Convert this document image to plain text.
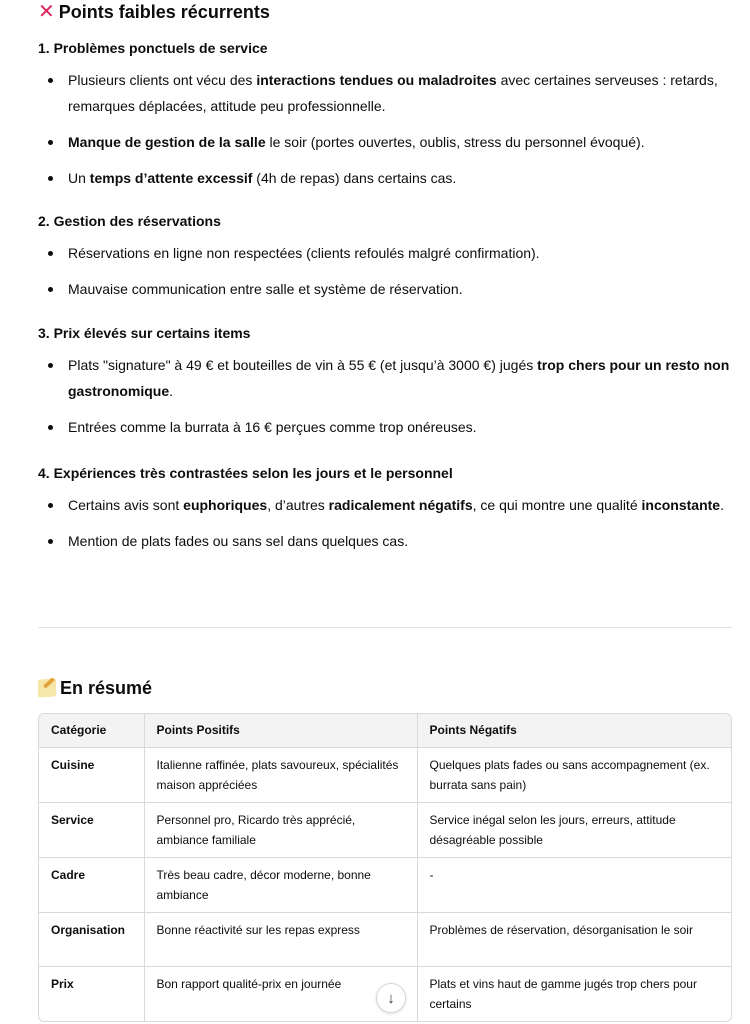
✕ Points faibles récurrents
1. Problèmes ponctuels de service
Plusieurs clients ont vécu des interactions tendues ou maladroites avec certaines serveuses : retards, remarques déplacées, attitude peu professionnelle.
Manque de gestion de la salle le soir (portes ouvertes, oublis, stress du personnel évoqué).
Un temps d’attente excessif (4h de repas) dans certains cas.
2. Gestion des réservations
Réservations en ligne non respectées (clients refoulés malgré confirmation).
Mauvaise communication entre salle et système de réservation.
3. Prix élevés sur certains items
Plats "signature" à 49 € et bouteilles de vin à 55 € (et jusqu’à 3000 €) jugés trop chers pour un resto non gastronomique.
Entrées comme la burrata à 16 € perçues comme trop onéreuses.
4. Expériences très contrastées selon les jours et le personnel
Certains avis sont euphoriques, d’autres radicalement négatifs, ce qui montre une qualité inconstante.
Mention de plats fades ou sans sel dans quelques cas.
En résumé
Catégorie	Points Positifs	Points Négatifs
Cuisine	Italienne raffinée, plats savoureux, spécialités maison appréciées	Quelques plats fades ou sans accompagnement (ex. burrata sans pain)
Service	Personnel pro, Ricardo très apprécié, ambiance familiale	Service inégal selon les jours, erreurs, attitude désagréable possible
Cadre	Très beau cadre, décor moderne, bonne ambiance	-
Organisation	Bonne réactivité sur les repas express	Problèmes de réservation, désorganisation le soir
Prix	Bon rapport qualité-prix en journée	Plats et vins haut de gamme jugés trop chers pour certains
↓
